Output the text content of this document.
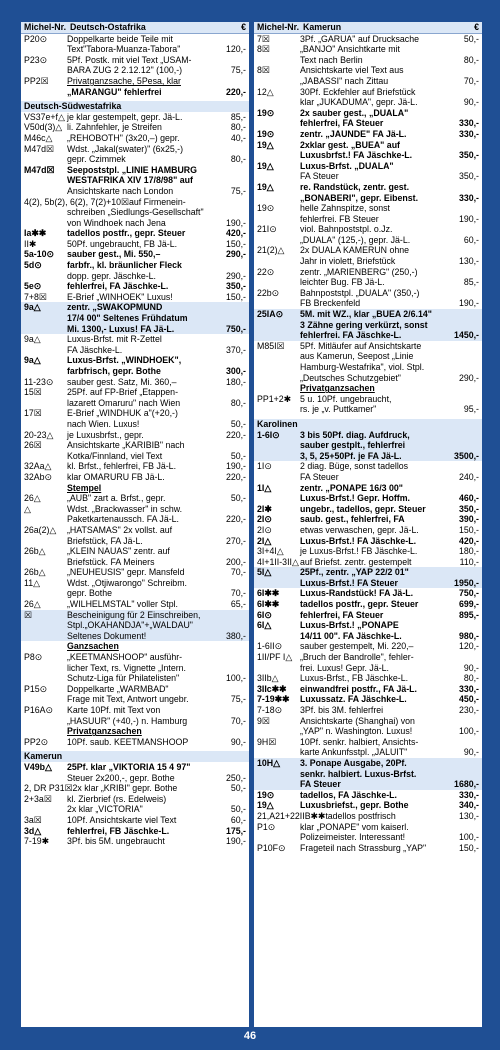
Michel-Nr. Deutsch-Ostafrika	€
P20⊙	Doppelkarte beide Teile mit
Text"Tabora-Muanza-Tabora"	120,-
P23⊙	5Pf. Postk. mit viel Text „USAM-
BARA ZUG 2 2.12.12" (100,-)	75,-
PP2☒	Privatganzsache, 5Pesa, klar
„MARANGU" fehlerfrei	220,-
Deutsch-Südwestafrika
VS37e+f△ je klar gestempelt, gepr. Jä-L.	85,-
V50d(3)△ li. Zahnfehler, je Streifen	80,-
M46c△	„REHOBOTH" (3x20,–) gepr.	40,-
M47d☒	Wdst. „Jakal(swater)" (6x25,-)
gepr. Czimmek	80,-
M47d☒	Seepoststpl. „LINIE HAMBURG
WESTAFRIKA XIV 17/8/98" auf
Ansichtskarte nach London	75,-
4(2), 5b(2), 6(2), 7(2)+10☒ auf Firmenein-
schreiben „Siedlungs-Gesellschaft"
von Windhoek nach Jena	190,-
Ia✱✱	tadellos postfr., gepr. Steuer	420,-
II✱	50Pf. ungebraucht, FB Jä-L.	150,-
5a-10⊙	sauber gest., Mi. 550,–	290,-
5d⊙	farbfr., kl. bräunlicher Fleck
dopp. gepr. Jäschke-L.	290,-
5e⊙	fehlerfrei, FA Jäschke-L.	350,-
7+8☒	E-Brief „WINHOEK" Luxus!	150,-
9a△	zentr. „SWAKOPMUND
17/4 00" Seltenes Frühdatum
Mi. 1300,- Luxus! FA Jä-L.	750,-
9a△	Luxus-Brfst. mit R-Zettel
FA Jäschke-L.	370,-
9a△	Luxus-Brfst. „WINDHOEK",
farbfrisch, gepr. Bothe	300,-
11-23⊙	sauber gest. Satz, Mi. 360,–	180,-
15☒	25Pf. auf FP-Brief „Etappen-
lazarett Omaruru" nach Wien	80,-
17☒	E-Brief „WINDHUK a"(+20,-)
nach Wien. Luxus!	50,-
20-23△	je Luxusbrfst., gepr.	220,-
26☒	Ansichtskarte „KARIBIB" nach
Kotka/Finnland, viel Text	50,-
32Aa△	kl. Brfst., fehlerfrei, FB Jä-L.	190,-
32Ab⊙	klar OMARURU FB Jä-L.	220,-
Stempel
26△	„AUB" zart a. Brfst., gepr.	50,-
△	Wdst. „Brackwasser" in schw.
Paketkartenaussch. FA Jä-L.	220,-
26a(2)△	„HATSAMAS" 2x vollst. auf
Briefstück, FA Jä-L.	270,-
26b△	„KLEIN NAUAS" zentr. auf
Briefstück. FA Meiners	200,-
26b△	„NEUHEUSIS" gepr. Mansfeld	70,-
11△	Wdst. „Otjiwarongo" Schreibm.
gepr. Bothe	70,-
26△	„WILHELMSTAL" voller Stpl.	65,-
☒	Bescheinigung für 2 Einschreiben,
Stpl.„OKAHANDJA"+„WALDAU"
Seltenes Dokument!	380,-
Ganzsachen
P8⊙	„KEETMANSHOOP" ausführ-
licher Text, rs. Vignette „Intern.
Schutz-Liga für Philatelisten"	100,-
P15⊙	Doppelkarte „WARMBAD"
Frage mit Text, Antwort ungebr.	75,-
P16A⊙	Karte 10Pf. mit Text von
„HASUUR" (+40,-) n. Hamburg	70,-
Privatganzsachen
PP2⊙	10Pf. saub. KEETMANSHOOP	90,-
Kamerun
V49b△	25Pf. klar „VIKTORIA 15 4 97"
Steuer 2x200,-, gepr. Bothe	250,-
2, DR P31☒ 2x klar „KRIBI" gepr. Bothe	50,-
2+3a☒	kl. Zierbrief (rs. Edelweis)
2x klar „VICTORIA"	50,-
3a☒	10Pf. Ansichtskarte viel Text	60,-
3d△	fehlerfrei, FB Jäschke-L.	175,-
7-19✱	3Pf. bis 5M. ungebraucht	190,-
Michel-Nr. Kamerun	€
7☒	3Pf. „GARUA" auf Drucksache	50,-
8☒	„BANJO" Ansichtkarte mit
Text nach Berlin	80,-
8☒	Ansichtskarte viel Text aus
„JABASSI" nach Zittau	70,-
12△	30Pf. Eckfehler auf Briefstück
klar „JUKADUMA", gepr. Jä-L.	90,-
19⊙	2x sauber gest., „DUALA"
fehlerfrei, FA Steuer	330,-
19⊙	zentr. „JAUNDE" FA Jä-L.	330,-
19△	2xklar gest. „BUEA" auf
Luxusbrfst.! FA Jäschke-L.	350,-
19△	Luxus-Brfst. „DUALA"
FA Steuer	350,-
19△	re. Randstück, zentr. gest.
„BONABERI", gepr. Eibenst.	330,-
19⊙	helle Zahnspitze, sonst
fehlerfrei. FB Steuer	190,-
21I⊙	viol. Bahnpoststpl. o.Jz.
„DUALA" (125,-), gepr. Jä-L.	60,-
21(2)△	2x DUALA KAMERUN ohne
Jahr in violett, Briefstück	130,-
22⊙	zentr. „MARIENBERG" (250,-)
leichter Bug. FB Jä-L.	85,-
22b⊙	Bahnpoststpl. „DUALA" (350,-)
FB Breckenfeld	190,-
25IA⊙	5M. mit WZ., klar „BUEA 2/6.14"
3 Zähne gering verkürzt, sonst
fehlerfrei. FA Jäschke-L.	1450,-
M85I☒	5Pf. Mitläufer auf Ansichtskarte
aus Kamerun, Seepost „Linie
Hamburg-Westafrika", viol. Stpl.
„Deutsches Schutzgebiet"	290,-
Privatganzsachen
PP1+2✱	5 u. 10Pf. ungebraucht,
rs. je „v. Puttkamer"	95,-
Karolinen
1-6I⊙	3 bis 50Pf. diag. Aufdruck,
sauber gestplt., fehlerfrei
3, 5, 25+50Pf. je FA Jä-L.	3500,-
1I⊙	2 diag. Büge, sonst tadellos
FA Steuer	240,-
1I△	zentr. „PONAPE 16/3 00"
Luxus-Brfst.! Gepr. Hoffm.	460,-
2I✱	ungebr., tadellos, gepr. Steuer	350,-
2I⊙	saub. gest., fehlerfrei, FA	390,-
2I⊙	etwas verwaschen, gepr. Jä-L.	150,-
2I△	Luxus-Brfst.! FA Jäschke-L.	420,-
3I+4I△	je Luxus-Brfst.! FB Jäschke-L.	180,-
4I+1II-3II△ auf Briefst. zentr. gestempelt	110,-
5I△	25Pf., zentr. „YAP 22/2 01"
Luxus-Brfst.! FA Steuer	1950,-
6I✱✱	Luxus-Randstück! FA Jä-L.	750,-
6I✱✱	tadellos postfr., gepr. Steuer	699,-
6I⊙	fehlerfrei, FA Steuer	895,-
6I△	Luxus-Brfst.! „PONAPE
14/11 00". FA Jäschke-L.	980,-
1-6II⊙	sauber gestempelt, Mi. 220,–	120,-
1II/PF I△ „Bruch der Bandrolle", fehler-
frei. Luxus! Gepr. Jä-L.	90,-
3IIb△	Luxus-Brfst., FB Jäschke-L.	80,-
3IIc✱✱	einwandfrei postfr., FA Jä-L.	330,-
7-19✱✱	Luxussatz. FA Jäschke-L.	450,-
7-18⊙	3Pf. bis 3M. fehlerfrei	230,-
9☒	Ansichtskarte (Shanghai) von
„YAP" n. Washington. Luxus!	100,-
9H☒	10Pf. senkr. halbiert, Ansichts-
karte Ankunfsstpl. „JALUIT"	90,-
10H△	3. Ponape Ausgabe, 20Pf.
senkr. halbiert. Luxus-Brfst.
FA Steuer	1680,-
19⊙	tadellos, FA Jäschke-L.	330,-
19△	Luxusbriefst., gepr. Bothe	340,-
21,A21+22IIB✱✱ tadellos postfrisch	130,-
P1⊙	klar „PONAPE" vom kaiserl.
Polizeimeister. Interessant!	100,-
P10F⊙	Frageteil nach Strassburg „YAP"	150,-
46
